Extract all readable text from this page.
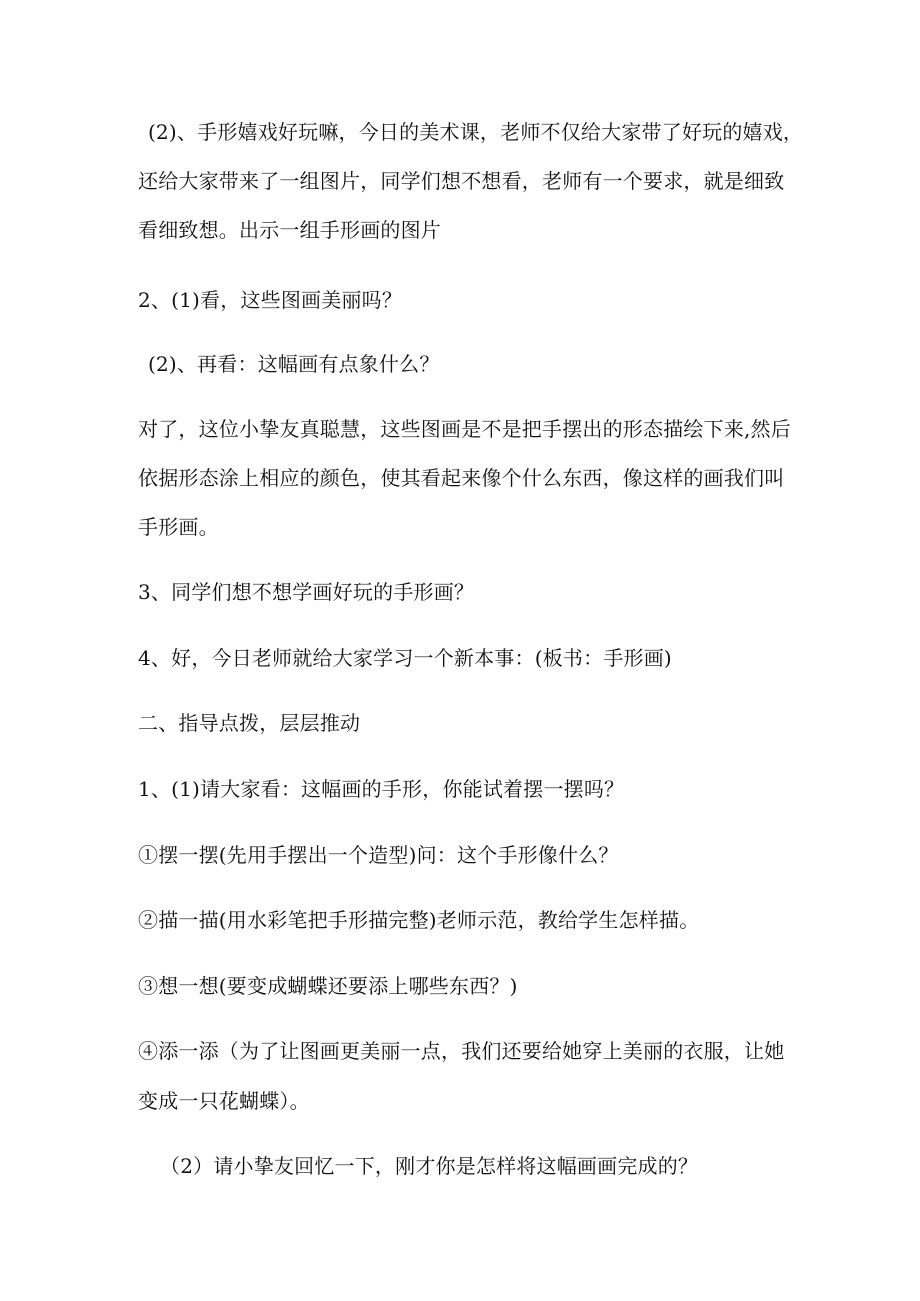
(2)、手形嬉戏好玩嘛，今日的美术课，老师不仅给大家带了好玩的嬉戏，
还给大家带来了一组图片，同学们想不想看，老师有一个要求，就是细致
看细致想。出示一组手形画的图片
2、(1)看，这些图画美丽吗？
(2)、再看：这幅画有点象什么？
对了，这位小挚友真聪慧，这些图画是不是把手摆出的形态描绘下来,然后
依据形态涂上相应的颜色，使其看起来像个什么东西，像这样的画我们叫
手形画。
3、同学们想不想学画好玩的手形画？
4、好，今日老师就给大家学习一个新本事：(板书：手形画)
二、指导点拨，层层推动
1、(1)请大家看：这幅画的手形，你能试着摆一摆吗？
①摆一摆(先用手摆出一个造型)问：这个手形像什么？
②描一描(用水彩笔把手形描完整)老师示范，教给学生怎样描。
③想一想(要变成蝴蝶还要添上哪些东西？)
④添一添（为了让图画更美丽一点，我们还要给她穿上美丽的衣服，让她
变成一只花蝴蝶）。
（2）请小挚友回忆一下，刚才你是怎样将这幅画画完成的？
